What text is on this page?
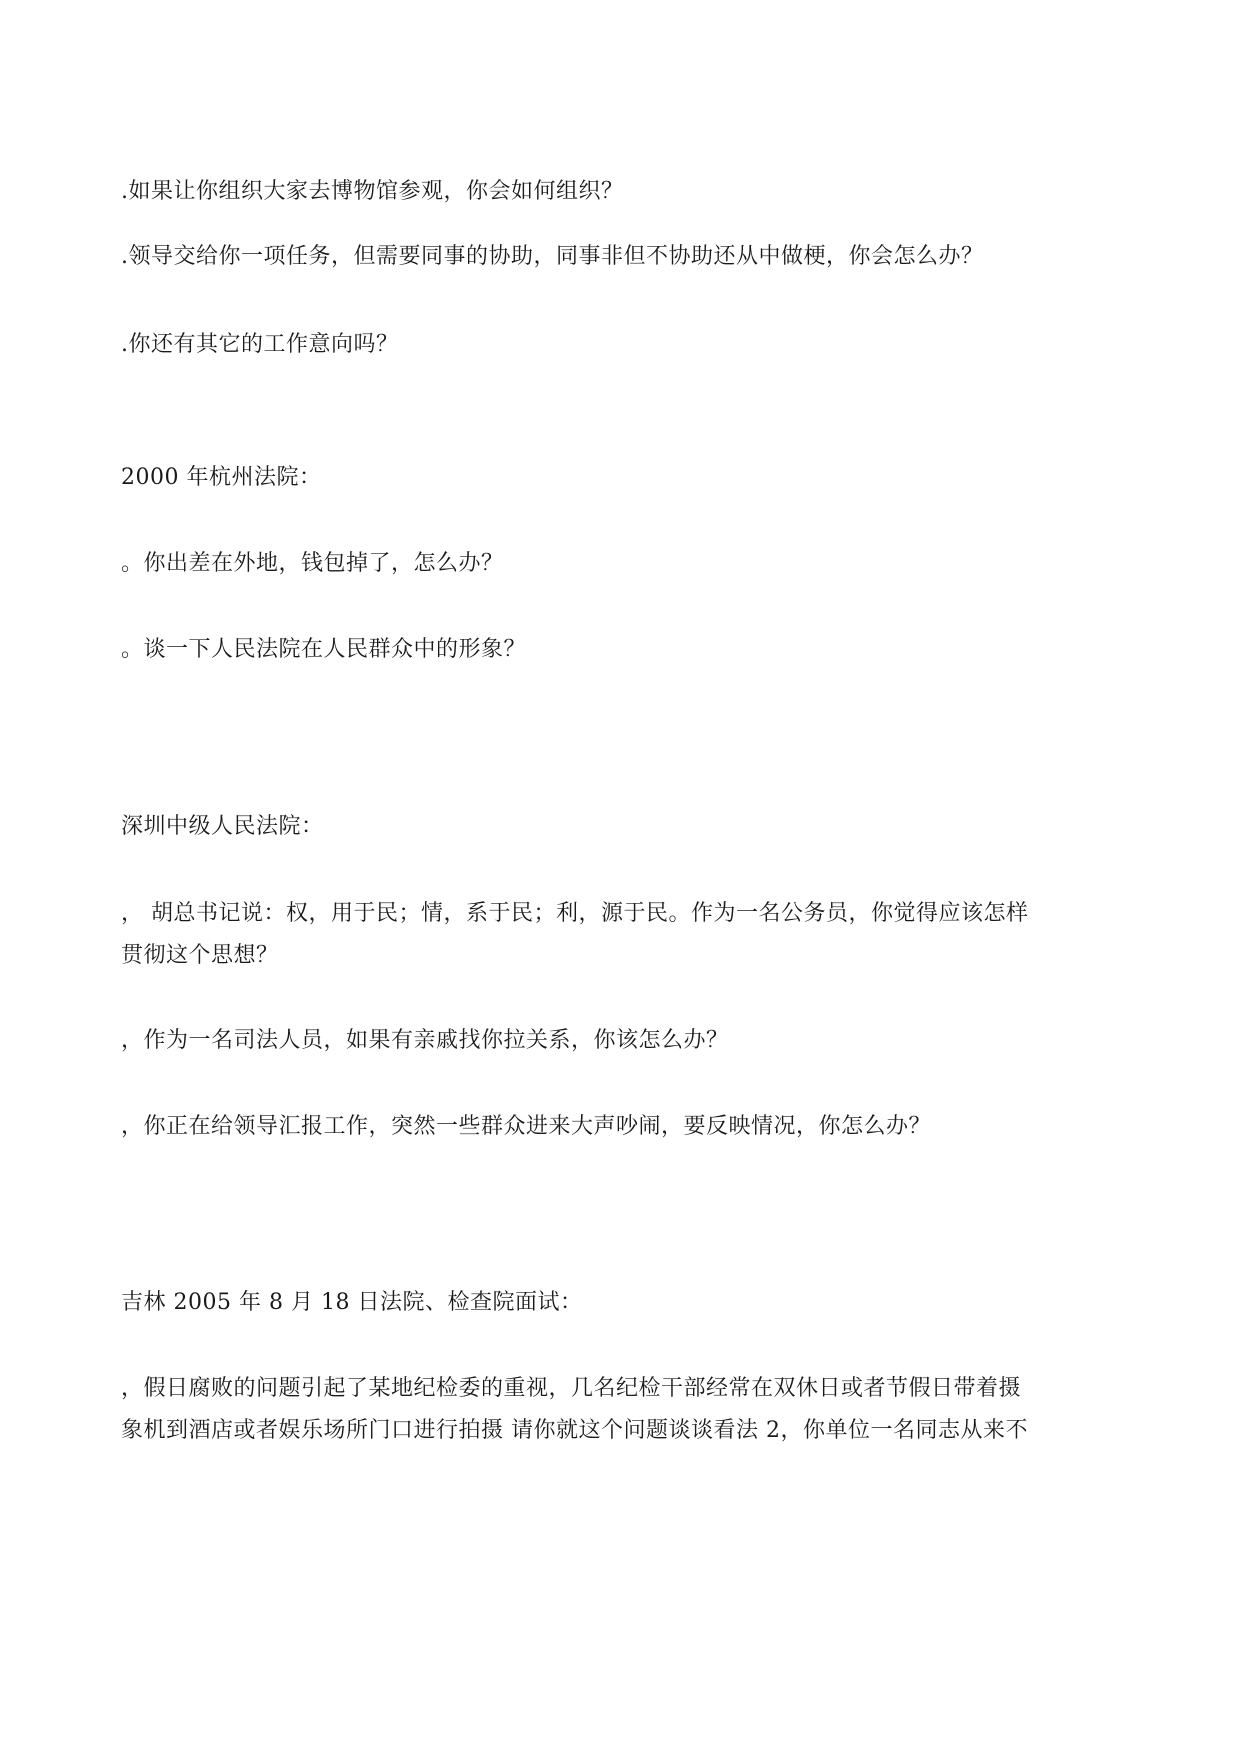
.如果让你组织大家去博物馆参观，你会如何组织？
.领导交给你一项任务，但需要同事的协助，同事非但不协助还从中做梗，你会怎么办？
.你还有其它的工作意向吗？
2000 年杭州法院：
。你出差在外地，钱包掉了，怎么办？
。谈一下人民法院在人民群众中的形象？
深圳中级人民法院：
， 胡总书记说：权，用于民；情，系于民；利，源于民。作为一名公务员，你觉得应该怎样
贯彻这个思想？
，作为一名司法人员，如果有亲戚找你拉关系，你该怎么办？
，你正在给领导汇报工作，突然一些群众进来大声吵闹，要反映情况，你怎么办？
吉林 2005 年 8 月 18 日法院、检查院面试：
，假日腐败的问题引起了某地纪检委的重视，几名纪检干部经常在双休日或者节假日带着摄
象机到酒店或者娱乐场所门口进行拍摄 请你就这个问题谈谈看法 2，你单位一名同志从来不
